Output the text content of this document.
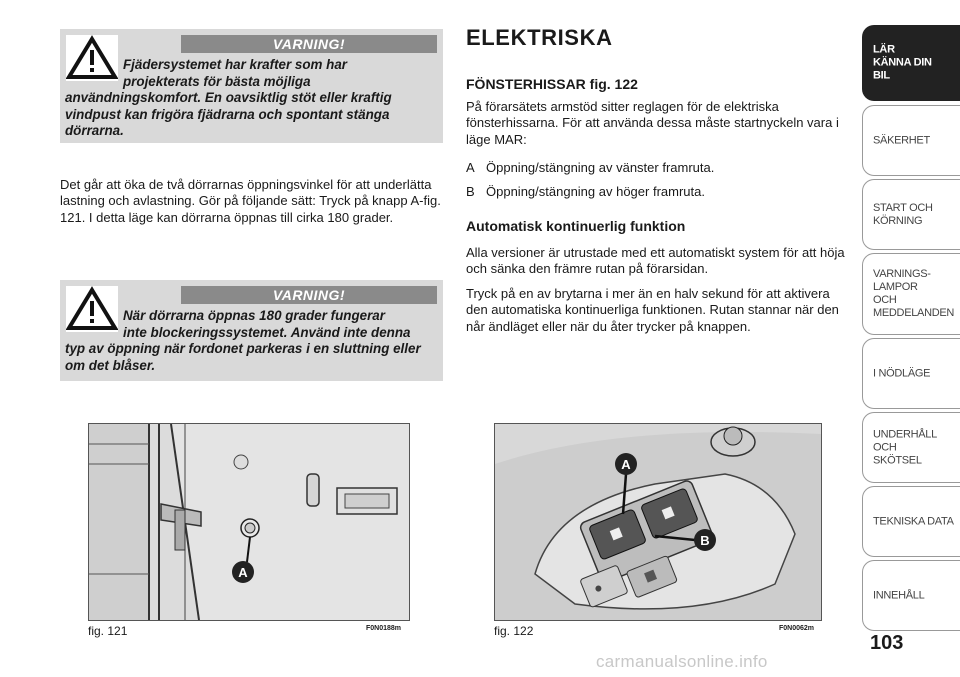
VARNING!
Fjädersystemet har krafter som har
projekterats för bästa möjliga
användningskomfort. En oavsiktlig stöt eller kraftig vindpust kan frigöra fjädrarna och spontant stänga dörrarna.
Det går att öka de två dörrarnas öppningsvinkel för att underlätta lastning och avlastning. Gör på följande sätt: Tryck på knapp A-fig. 121. I detta läge kan dörrarna öppnas till cirka 180 grader.
VARNING!
När dörrarna öppnas 180 grader fungerar
inte blockeringssystemet. Använd inte denna
typ av öppning när fordonet parkeras i en sluttning eller om det blåser.
ELEKTRISKA
FÖNSTERHISSAR fig. 122
På förarsätets armstöd sitter reglagen för de elektriska fönsterhissarna. För att använda dessa måste startnyckeln vara i läge MAR:
A Öppning/stängning av vänster framruta.
B Öppning/stängning av höger framruta.
Automatisk kontinuerlig funktion
Alla versioner är utrustade med ett automatiskt system för att höja och sänka den främre rutan på förarsidan.
Tryck på en av brytarna i mer än en halv sekund för att aktivera den automatiska kontinuerliga funktionen. Rutan stannar när den når ändläget eller när du åter trycker på knappen.
A
fig. 121	F0N0188m
A
B
fig. 122	F0N0062m
LÄR KÄNNA DIN BIL
SÄKERHET
START OCH KÖRNING
VARNINGS- LAMPOR OCH MEDDELANDEN
I NÖDLÄGE
UNDERHÅLL OCH SKÖTSEL
TEKNISKA DATA
INNEHÅLL
103
carmanualsonline.info
